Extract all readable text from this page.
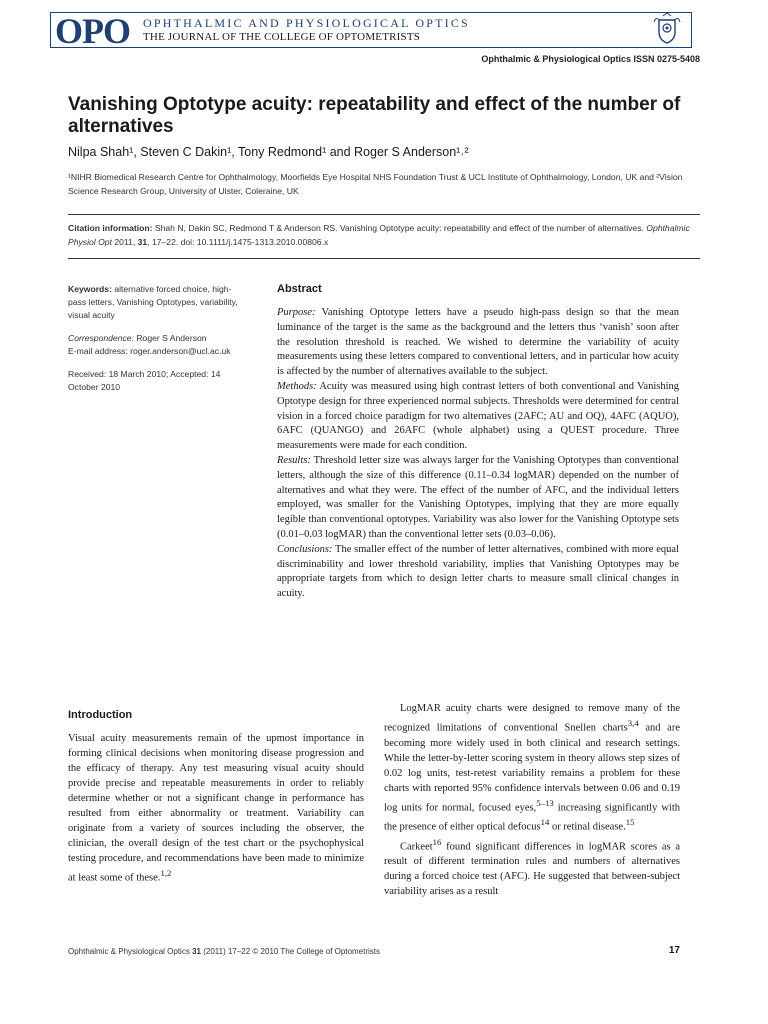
OPO OPHTHALMIC AND PHYSIOLOGICAL OPTICS
THE JOURNAL OF THE COLLEGE OF OPTOMETRISTS
Ophthalmic & Physiological Optics ISSN 0275-5408
Vanishing Optotype acuity: repeatability and effect of the number of alternatives
Nilpa Shah¹, Steven C Dakin¹, Tony Redmond¹ and Roger S Anderson¹˒²
¹NIHR Biomedical Research Centre for Ophthalmology, Moorfields Eye Hospital NHS Foundation Trust & UCL Institute of Ophthalmology, London, UK and ²Vision Science Research Group, University of Ulster, Coleraine, UK
Citation information: Shah N, Dakin SC, Redmond T & Anderson RS. Vanishing Optotype acuity: repeatability and effect of the number of alternatives. Ophthalmic Physiol Opt 2011, 31, 17–22. doi: 10.1111/j.1475-1313.2010.00806.x

Keywords: alternative forced choice, high-pass letters, Vanishing Optotypes, variability, visual acuity

Correspondence: Roger S Anderson
E-mail address: roger.anderson@ucl.ac.uk

Received: 18 March 2010; Accepted: 14 October 2010

Abstract

Purpose: Vanishing Optotype letters have a pseudo high-pass design so that the mean luminance of the target is the same as the background and the letters thus ‘vanish’ soon after the resolution threshold is reached. We wished to determine the variability of acuity measurements using these letters compared to conventional letters, and in particular how acuity is affected by the number of alternatives available to the subject.
Methods: Acuity was measured using high contrast letters of both conventional and Vanishing Optotype design for three experienced normal subjects. Thresholds were determined for central vision in a forced choice paradigm for two alternatives (2AFC; AU and OQ), 4AFC (AQUO), 6AFC (QUANGO) and 26AFC (whole alphabet) using a QUEST procedure. Three measurements were made for each condition.
Results: Threshold letter size was always larger for the Vanishing Optotypes than conventional letters, although the size of this difference (0.11–0.34 logMAR) depended on the number of alternatives and what they were. The effect of the number of AFC, and the individual letters employed, was smaller for the Vanishing Optotypes, implying that they are more equally legible than conventional optotypes. Variability was also lower for the Vanishing Optotype sets (0.01–0.03 logMAR) than the conventional letter sets (0.03–0.06).
Conclusions: The smaller effect of the number of letter alternatives, combined with more equal discriminability and lower threshold variability, implies that Vanishing Optotypes may be appropriate targets from which to design letter charts to measure small clinical changes in acuity.

Introduction

Visual acuity measurements remain of the upmost importance in forming clinical decisions when monitoring disease progression and the efficacy of therapy. Any test measuring visual acuity should provide precise and repeatable measurements in order to reliably determine whether or not a significant change in performance has resulted from either abnormality or treatment. Variability can originate from a variety of sources including the observer, the clinician, the overall design of the test chart or the psychophysical testing procedure, and recommendations have been made to minimize at least some of these.$^{1,2}$

LogMAR acuity charts were designed to remove many of the recognized limitations of conventional Snellen charts$^{3,4}$ and are becoming more widely used in both clinical and research settings. While the letter-by-letter scoring system in theory allows step sizes of 0.02 log units, test-retest variability remains a problem for these charts with reported 95% confidence intervals between 0.06 and 0.19 log units for normal, focused eyes,$^{5-13}$ increasing significantly with the presence of either optical defocus$^{14}$ or retinal disease.$^{15}$

Carkeet$^{16}$ found significant differences in logMAR scores as a result of different termination rules and numbers of alternatives during a forced choice test (AFC). He suggested that between-subject variability arises as a result

Ophthalmic & Physiological Optics 31 (2011) 17–22 © 2010 The College of Optometrists	17
